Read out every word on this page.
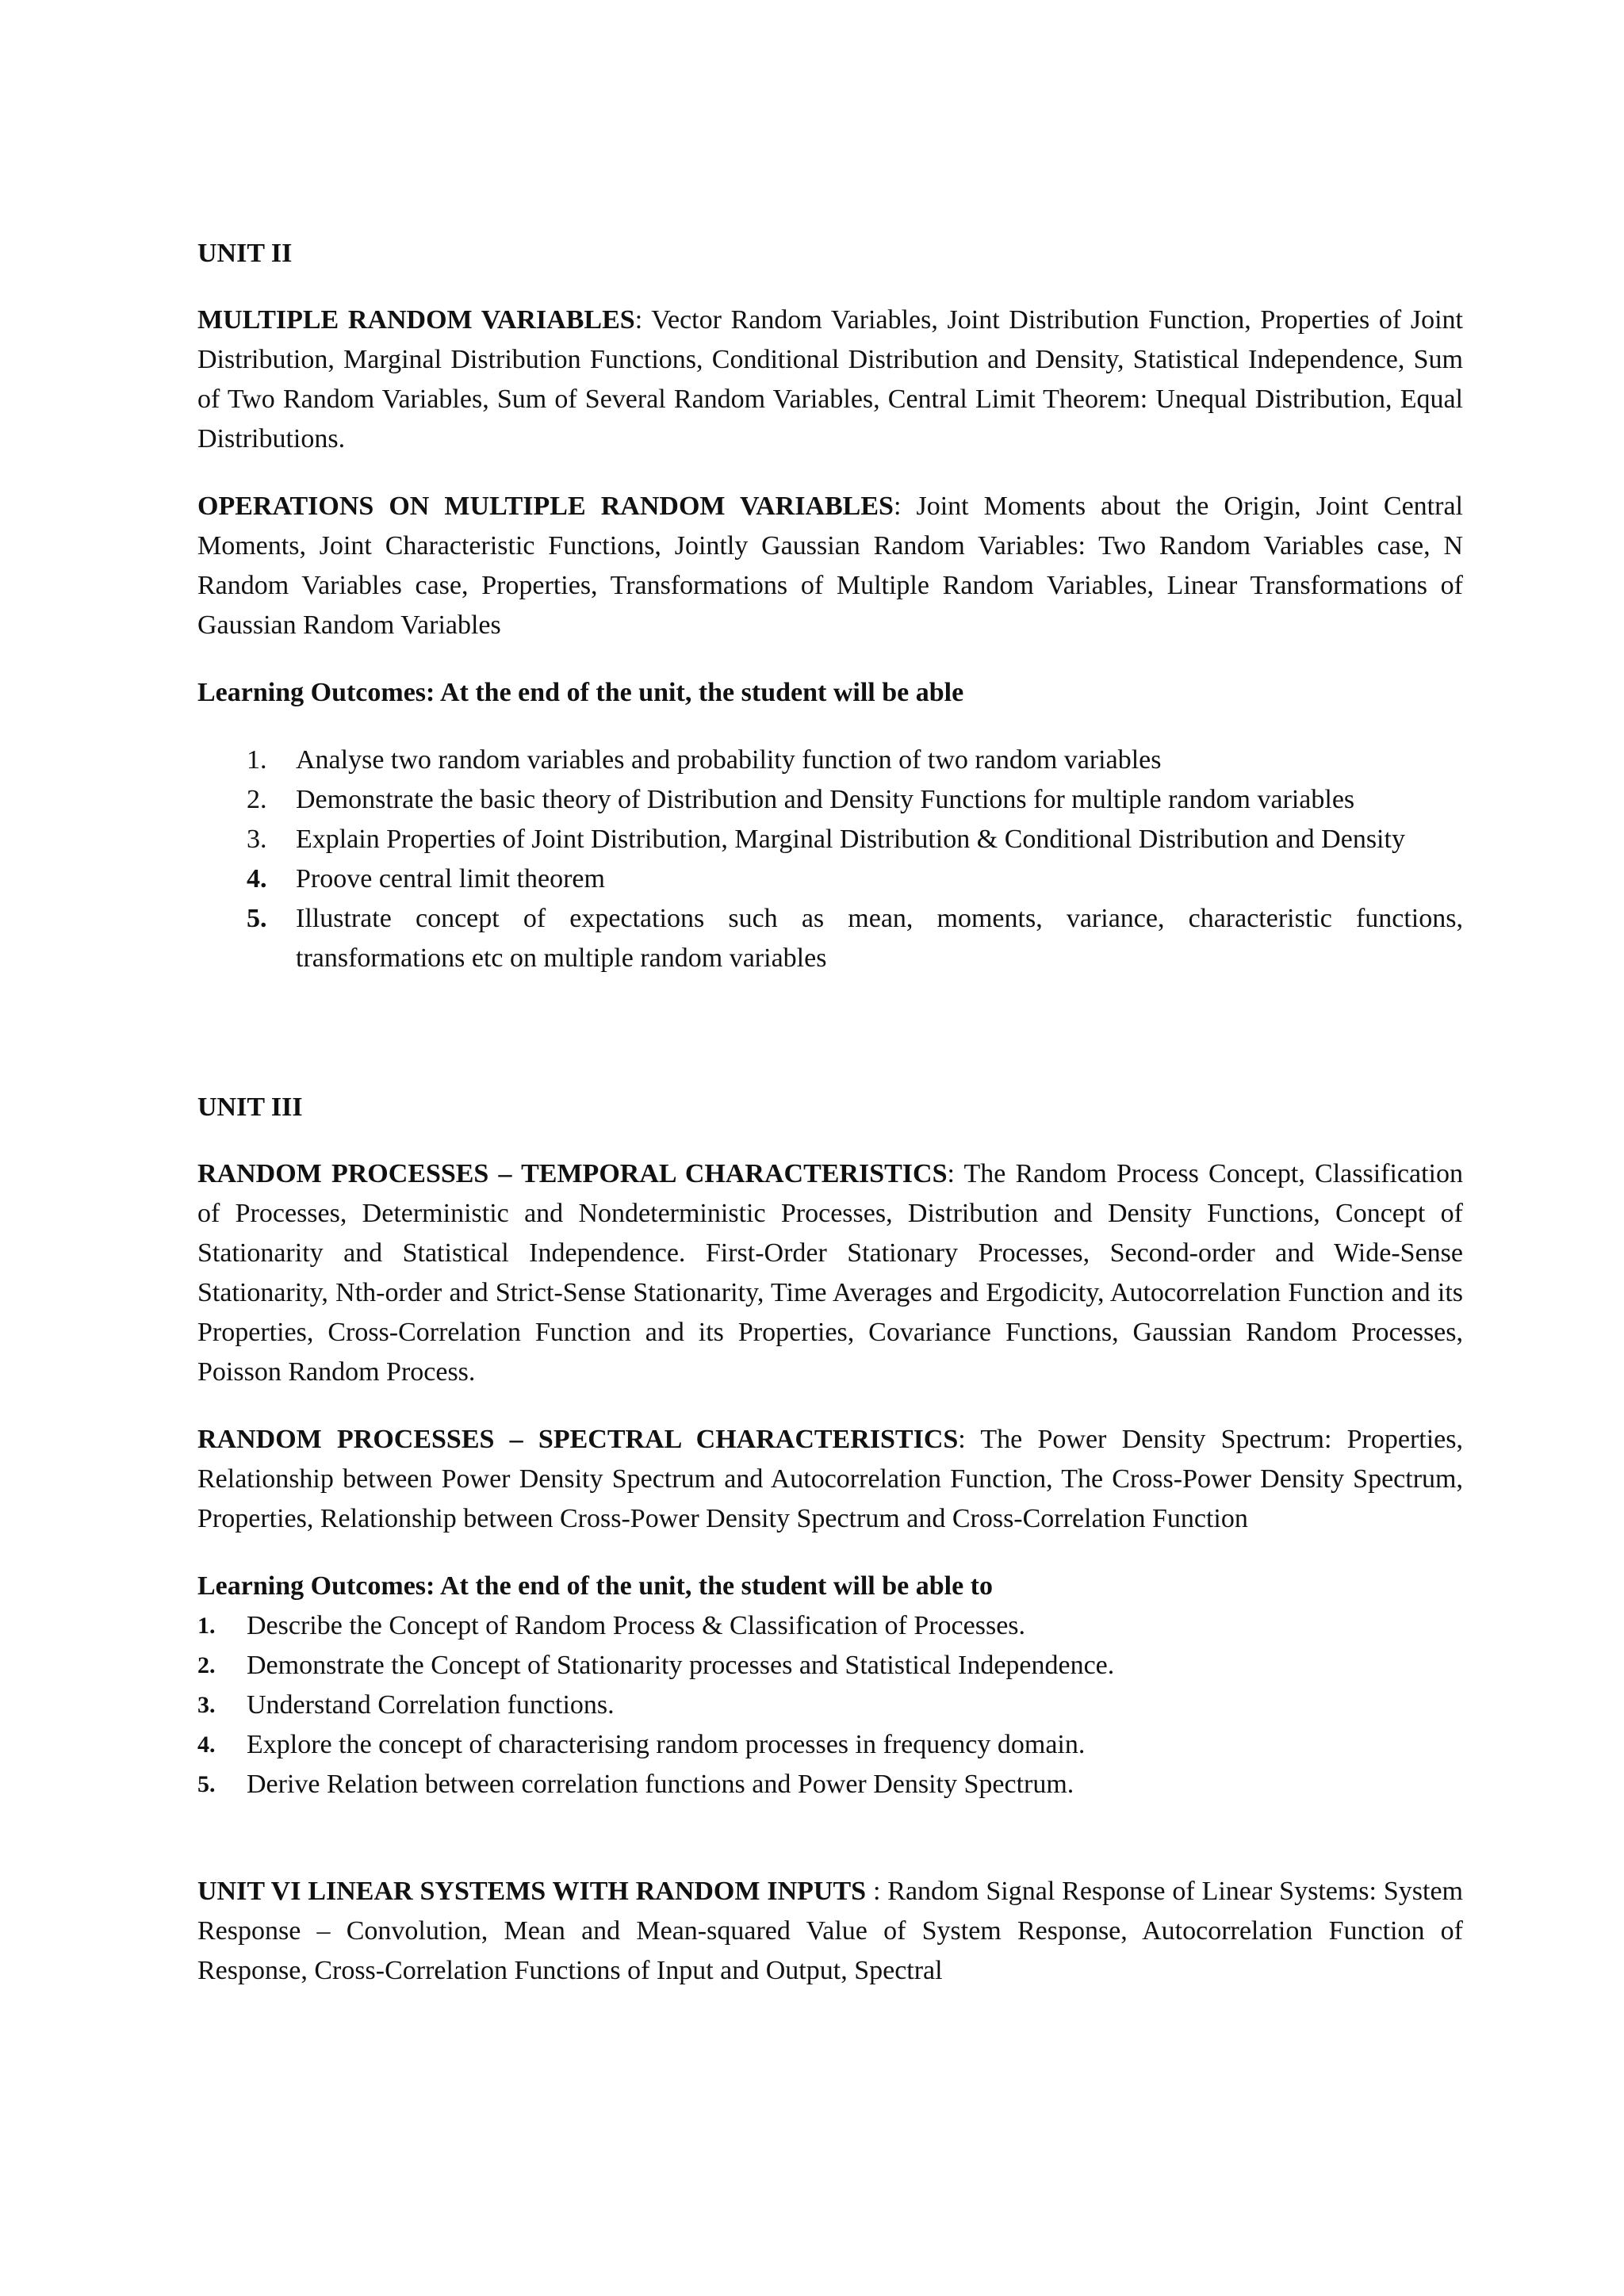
UNIT II

MULTIPLE RANDOM VARIABLES: Vector Random Variables, Joint Distribution Function, Properties of Joint Distribution, Marginal Distribution Functions, Conditional Distribution and Density, Statistical Independence, Sum of Two Random Variables, Sum of Several Random Variables, Central Limit Theorem: Unequal Distribution, Equal Distributions.

OPERATIONS ON MULTIPLE RANDOM VARIABLES: Joint Moments about the Origin, Joint Central Moments, Joint Characteristic Functions, Jointly Gaussian Random Variables: Two Random Variables case, N Random Variables case, Properties, Transformations of Multiple Random Variables, Linear Transformations of Gaussian Random Variables

Learning Outcomes: At the end of the unit, the student will be able

1. Analyse two random variables and probability function of two random variables
2. Demonstrate the basic theory of Distribution and Density Functions for multiple random variables
3. Explain Properties of Joint Distribution, Marginal Distribution & Conditional Distribution and Density
4. Proove central limit theorem
5. Illustrate concept of expectations such as mean, moments, variance, characteristic functions, transformations etc on multiple random variables

UNIT III

RANDOM PROCESSES – TEMPORAL CHARACTERISTICS: The Random Process Concept, Classification of Processes, Deterministic and Nondeterministic Processes, Distribution and Density Functions, Concept of Stationarity and Statistical Independence. First-Order Stationary Processes, Second-order and Wide-Sense Stationarity, Nth-order and Strict-Sense Stationarity, Time Averages and Ergodicity, Autocorrelation Function and its Properties, Cross-Correlation Function and its Properties, Covariance Functions, Gaussian Random Processes, Poisson Random Process.

RANDOM PROCESSES – SPECTRAL CHARACTERISTICS: The Power Density Spectrum: Properties, Relationship between Power Density Spectrum and Autocorrelation Function, The Cross-Power Density Spectrum, Properties, Relationship between Cross-Power Density Spectrum and Cross-Correlation Function

Learning Outcomes: At the end of the unit, the student will be able to

1. Describe the Concept of Random Process & Classification of Processes.
2. Demonstrate the Concept of Stationarity processes and Statistical Independence.
3. Understand Correlation functions.
4. Explore the concept of characterising random processes in frequency domain.
5. Derive Relation between correlation functions and Power Density Spectrum.

UNIT VI LINEAR SYSTEMS WITH RANDOM INPUTS : Random Signal Response of Linear Systems: System Response – Convolution, Mean and Mean-squared Value of System Response, Autocorrelation Function of Response, Cross-Correlation Functions of Input and Output, Spectral
